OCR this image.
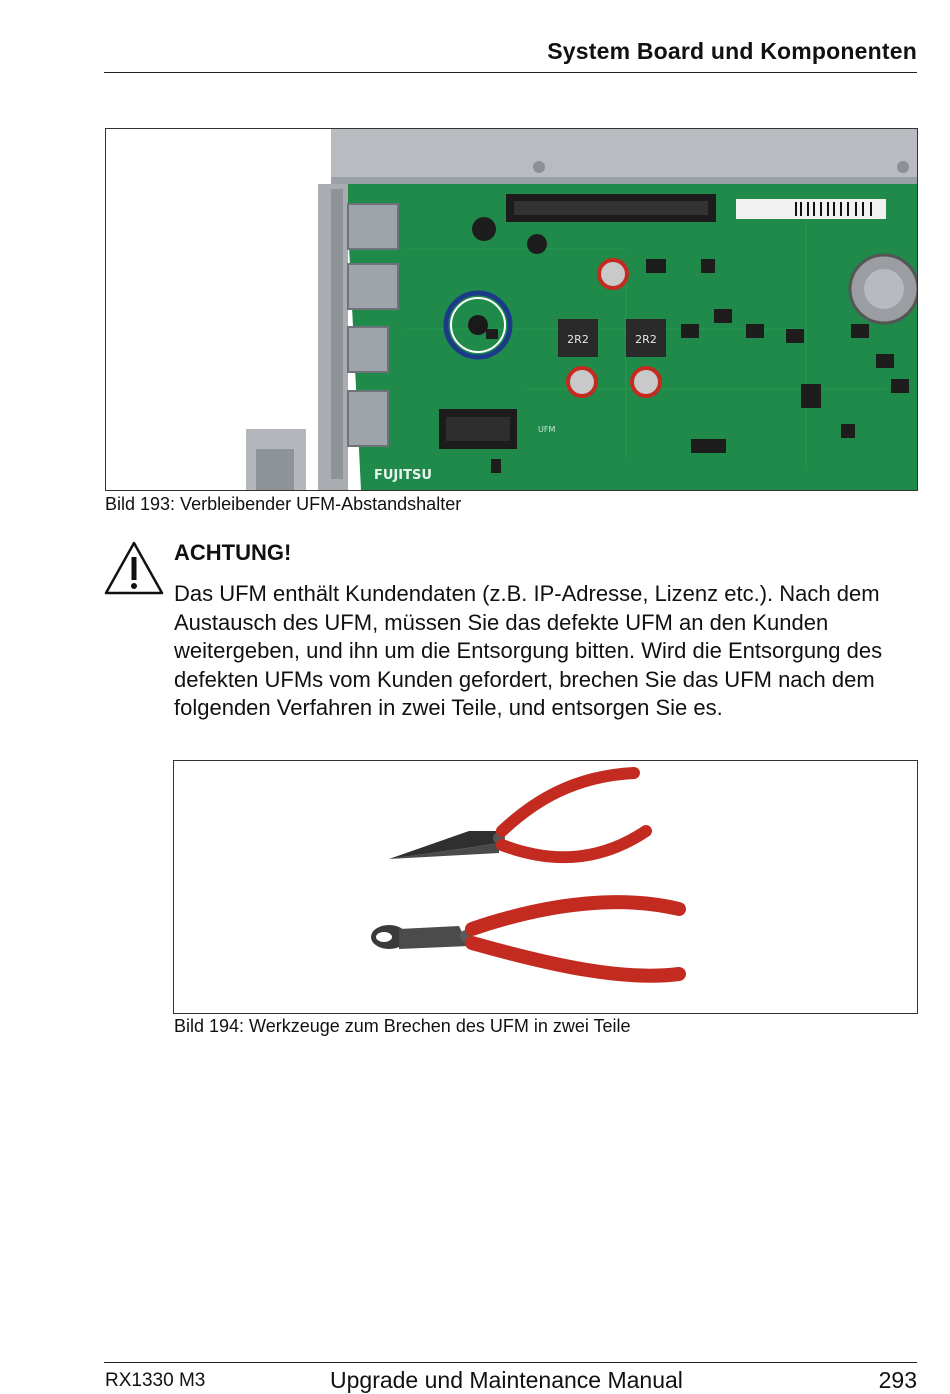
System Board und Komponenten
2R2	2R2
UFM
FUJITSU
Bild 193: Verbleibender UFM-Abstandshalter
ACHTUNG!
Das UFM enthält Kundendaten (z.B. IP-Adresse, Lizenz etc.). Nach dem Austausch des UFM, müssen Sie das defekte UFM an den Kunden weitergeben, und ihn um die Entsorgung bitten. Wird die Entsorgung des defekten UFMs vom Kunden gefordert, brechen Sie das UFM nach dem folgenden Verfahren in zwei Teile, und entsorgen Sie es.
Bild 194: Werkzeuge zum Brechen des UFM in zwei Teile
RX1330 M3	Upgrade und Maintenance Manual	293
